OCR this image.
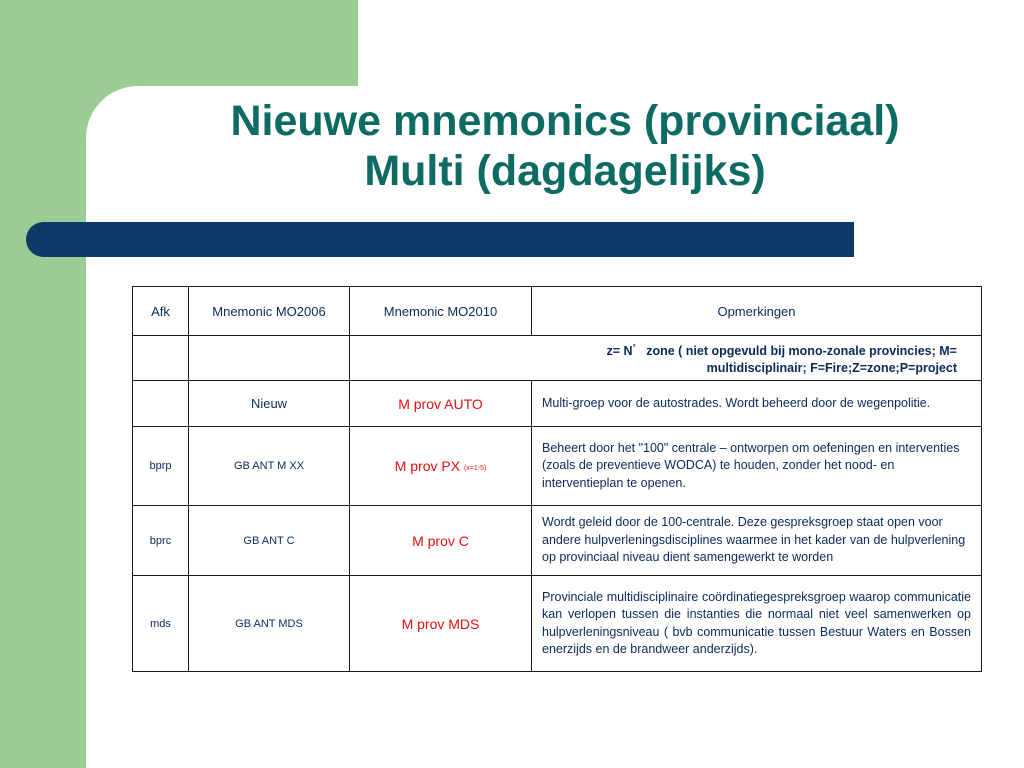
Nieuwe mnemonics (provinciaal)
Multi (dagdagelijks)
Afk	Mnemonic MO2006	Mnemonic MO2010	Opmerkingen
		z= N°   zone ( niet opgevuld bij mono-zonale provincies; M=
multidisciplinair; F=Fire;Z=zone;P=project	
	Nieuw	M prov AUTO	Multi-groep voor de autostrades. Wordt beheerd door de wegenpolitie.
bprp	GB ANT M XX	M prov PX $_{(x=1-5)}$	Beheert door het "100" centrale – ontworpen om oefeningen en interventies (zoals de preventieve WODCA) te houden, zonder het nood- en interventieplan te openen.
bprc	GB ANT C	M prov C	Wordt geleid door de 100-centrale. Deze gespreksgroep staat open voor andere hulpverleningsdisciplines waarmee in het kader van de hulpverlening op provinciaal niveau dient samengewerkt te worden
mds	GB ANT MDS	M prov MDS	Provinciale multidisciplinaire coördinatiegespreksgroep waarop communicatie kan verlopen tussen die instanties die normaal niet veel samenwerken op hulpverleningsniveau ( bvb communicatie tussen Bestuur Waters en Bossen enerzijds en de brandweer anderzijds).
